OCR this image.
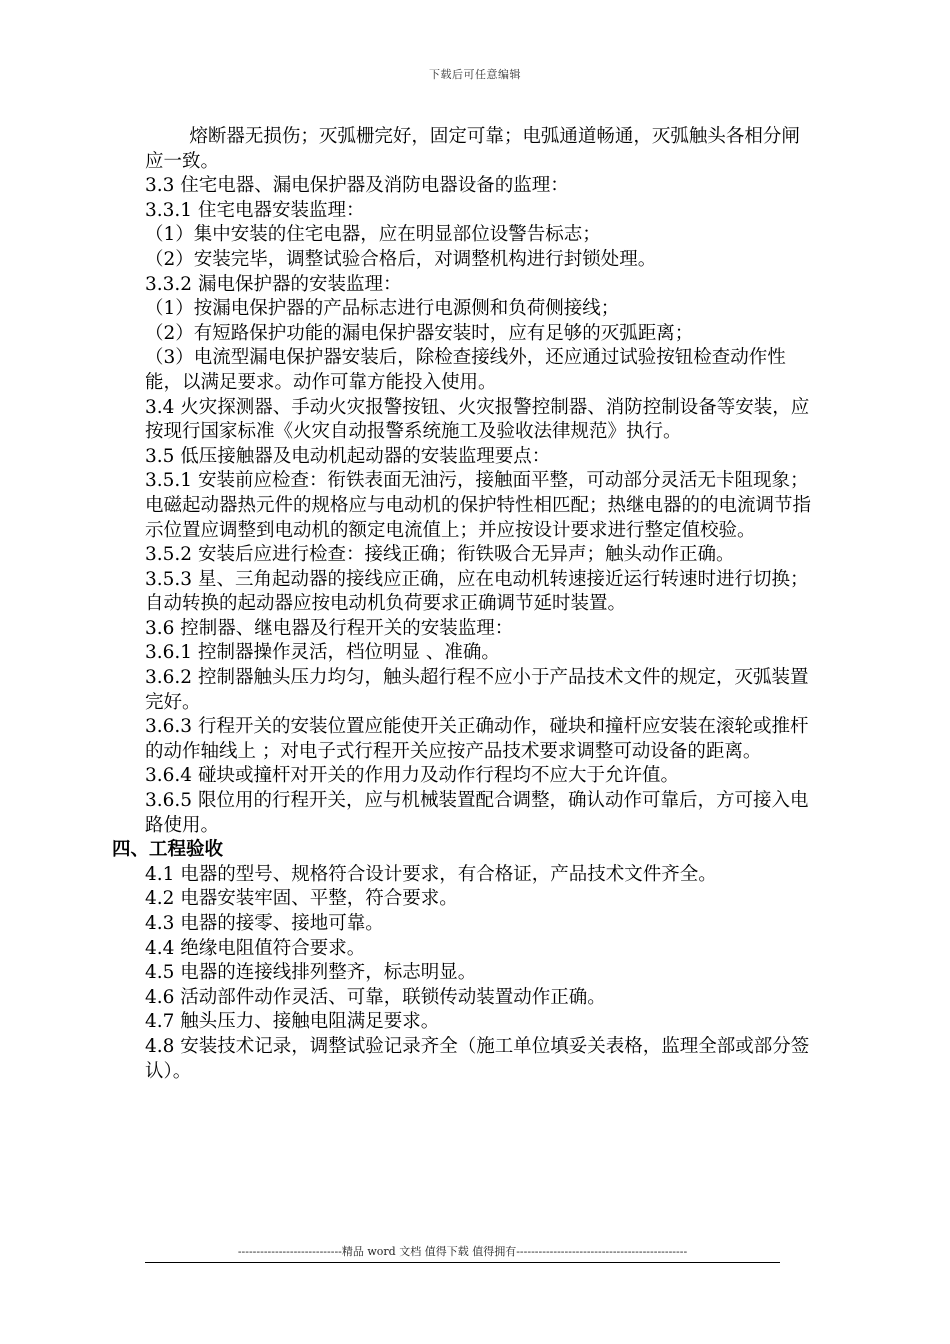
下载后可任意编辑

熔断器无损伤；灭弧栅完好，固定可靠；电弧通道畅通，灭弧触头各相分闸应一致。

3.3 住宅电器、漏电保护器及消防电器设备的监理：

3.3.1 住宅电器安装监理：

（1）集中安装的住宅电器，应在明显部位设警告标志；

（2）安装完毕，调整试验合格后，对调整机构进行封锁处理。

3.3.2 漏电保护器的安装监理：

（1）按漏电保护器的产品标志进行电源侧和负荷侧接线；

（2）有短路保护功能的漏电保护器安装时，应有足够的灭弧距离；

（3）电流型漏电保护器安装后，除检查接线外，还应通过试验按钮检查动作性能，以满足要求。动作可靠方能投入使用。

3.4 火灾探测器、手动火灾报警按钮、火灾报警控制器、消防控制设备等安装，应按现行国家标准《火灾自动报警系统施工及验收法律规范》执行。

3.5 低压接触器及电动机起动器的安装监理要点：

3.5.1 安装前应检查：衔铁表面无油污，接触面平整，可动部分灵活无卡阻现象；电磁起动器热元件的规格应与电动机的保护特性相匹配；热继电器的的电流调节指示位置应调整到电动机的额定电流值上；并应按设计要求进行整定值校验。

3.5.2 安装后应进行检查：接线正确；衔铁吸合无异声；触头动作正确。

3.5.3 星、三角起动器的接线应正确，应在电动机转速接近运行转速时进行切换；自动转换的起动器应按电动机负荷要求正确调节延时装置。

3.6 控制器、继电器及行程开关的安装监理：

3.6.1 控制器操作灵活，档位明显 、准确。

3.6.2 控制器触头压力均匀，触头超行程不应小于产品技术文件的规定，灭弧装置完好。

3.6.3 行程开关的安装位置应能使开关正确动作，碰块和撞杆应安装在滚轮或推杆的动作轴线上 ；对电子式行程开关应按产品技术要求调整可动设备的距离。

3.6.4 碰块或撞杆对开关的作用力及动作行程均不应大于允许值。

3.6.5 限位用的行程开关，应与机械装置配合调整，确认动作可靠后，方可接入电路使用。

四、工程验收

4.1 电器的型号、规格符合设计要求，有合格证，产品技术文件齐全。

4.2 电器安装牢固、平整，符合要求。

4.3 电器的接零、接地可靠。

4.4 绝缘电阻值符合要求。

4.5 电器的连接线排列整齐，标志明显。

4.6 活动部件动作灵活、可靠，联锁传动装置动作正确。

4.7 触头压力、接触电阻满足要求。

4.8 安装技术记录，调整试验记录齐全（施工单位填妥关表格，监理全部或部分签认）。

----------------------------精品 word 文档 值得下载 值得拥有----------------------------------------------
